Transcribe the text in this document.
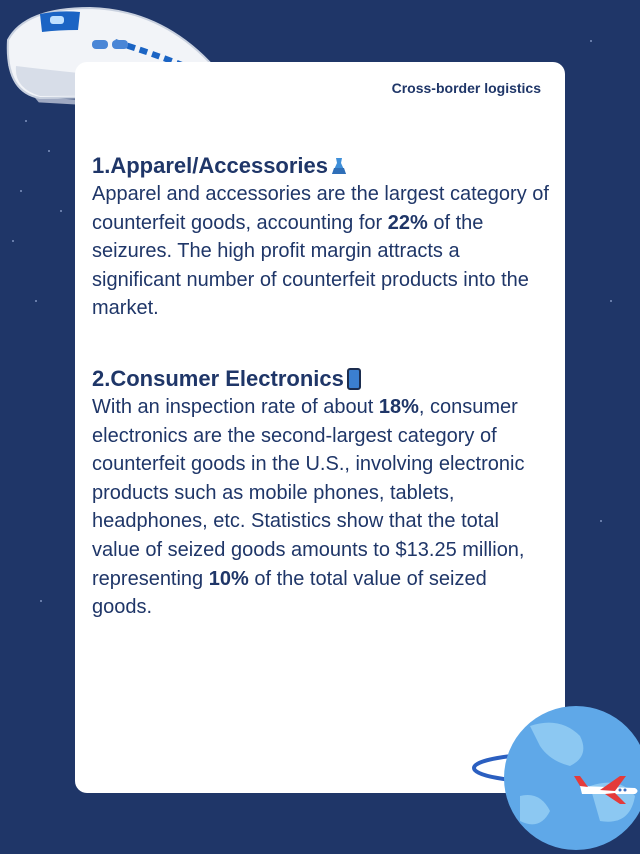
Cross-border logistics
1.Apparel/Accessories
Apparel and accessories are the largest category of counterfeit goods, accounting for 22% of the seizures. The high profit margin attracts a significant number of counterfeit products into the market.
2.Consumer Electronics
With an inspection rate of about 18%, consumer electronics are the second-largest category of counterfeit goods in the U.S., involving electronic products such as mobile phones, tablets, headphones, etc. Statistics show that the total value of seized goods amounts to $13.25 million, representing 10% of the total value of seized goods.
